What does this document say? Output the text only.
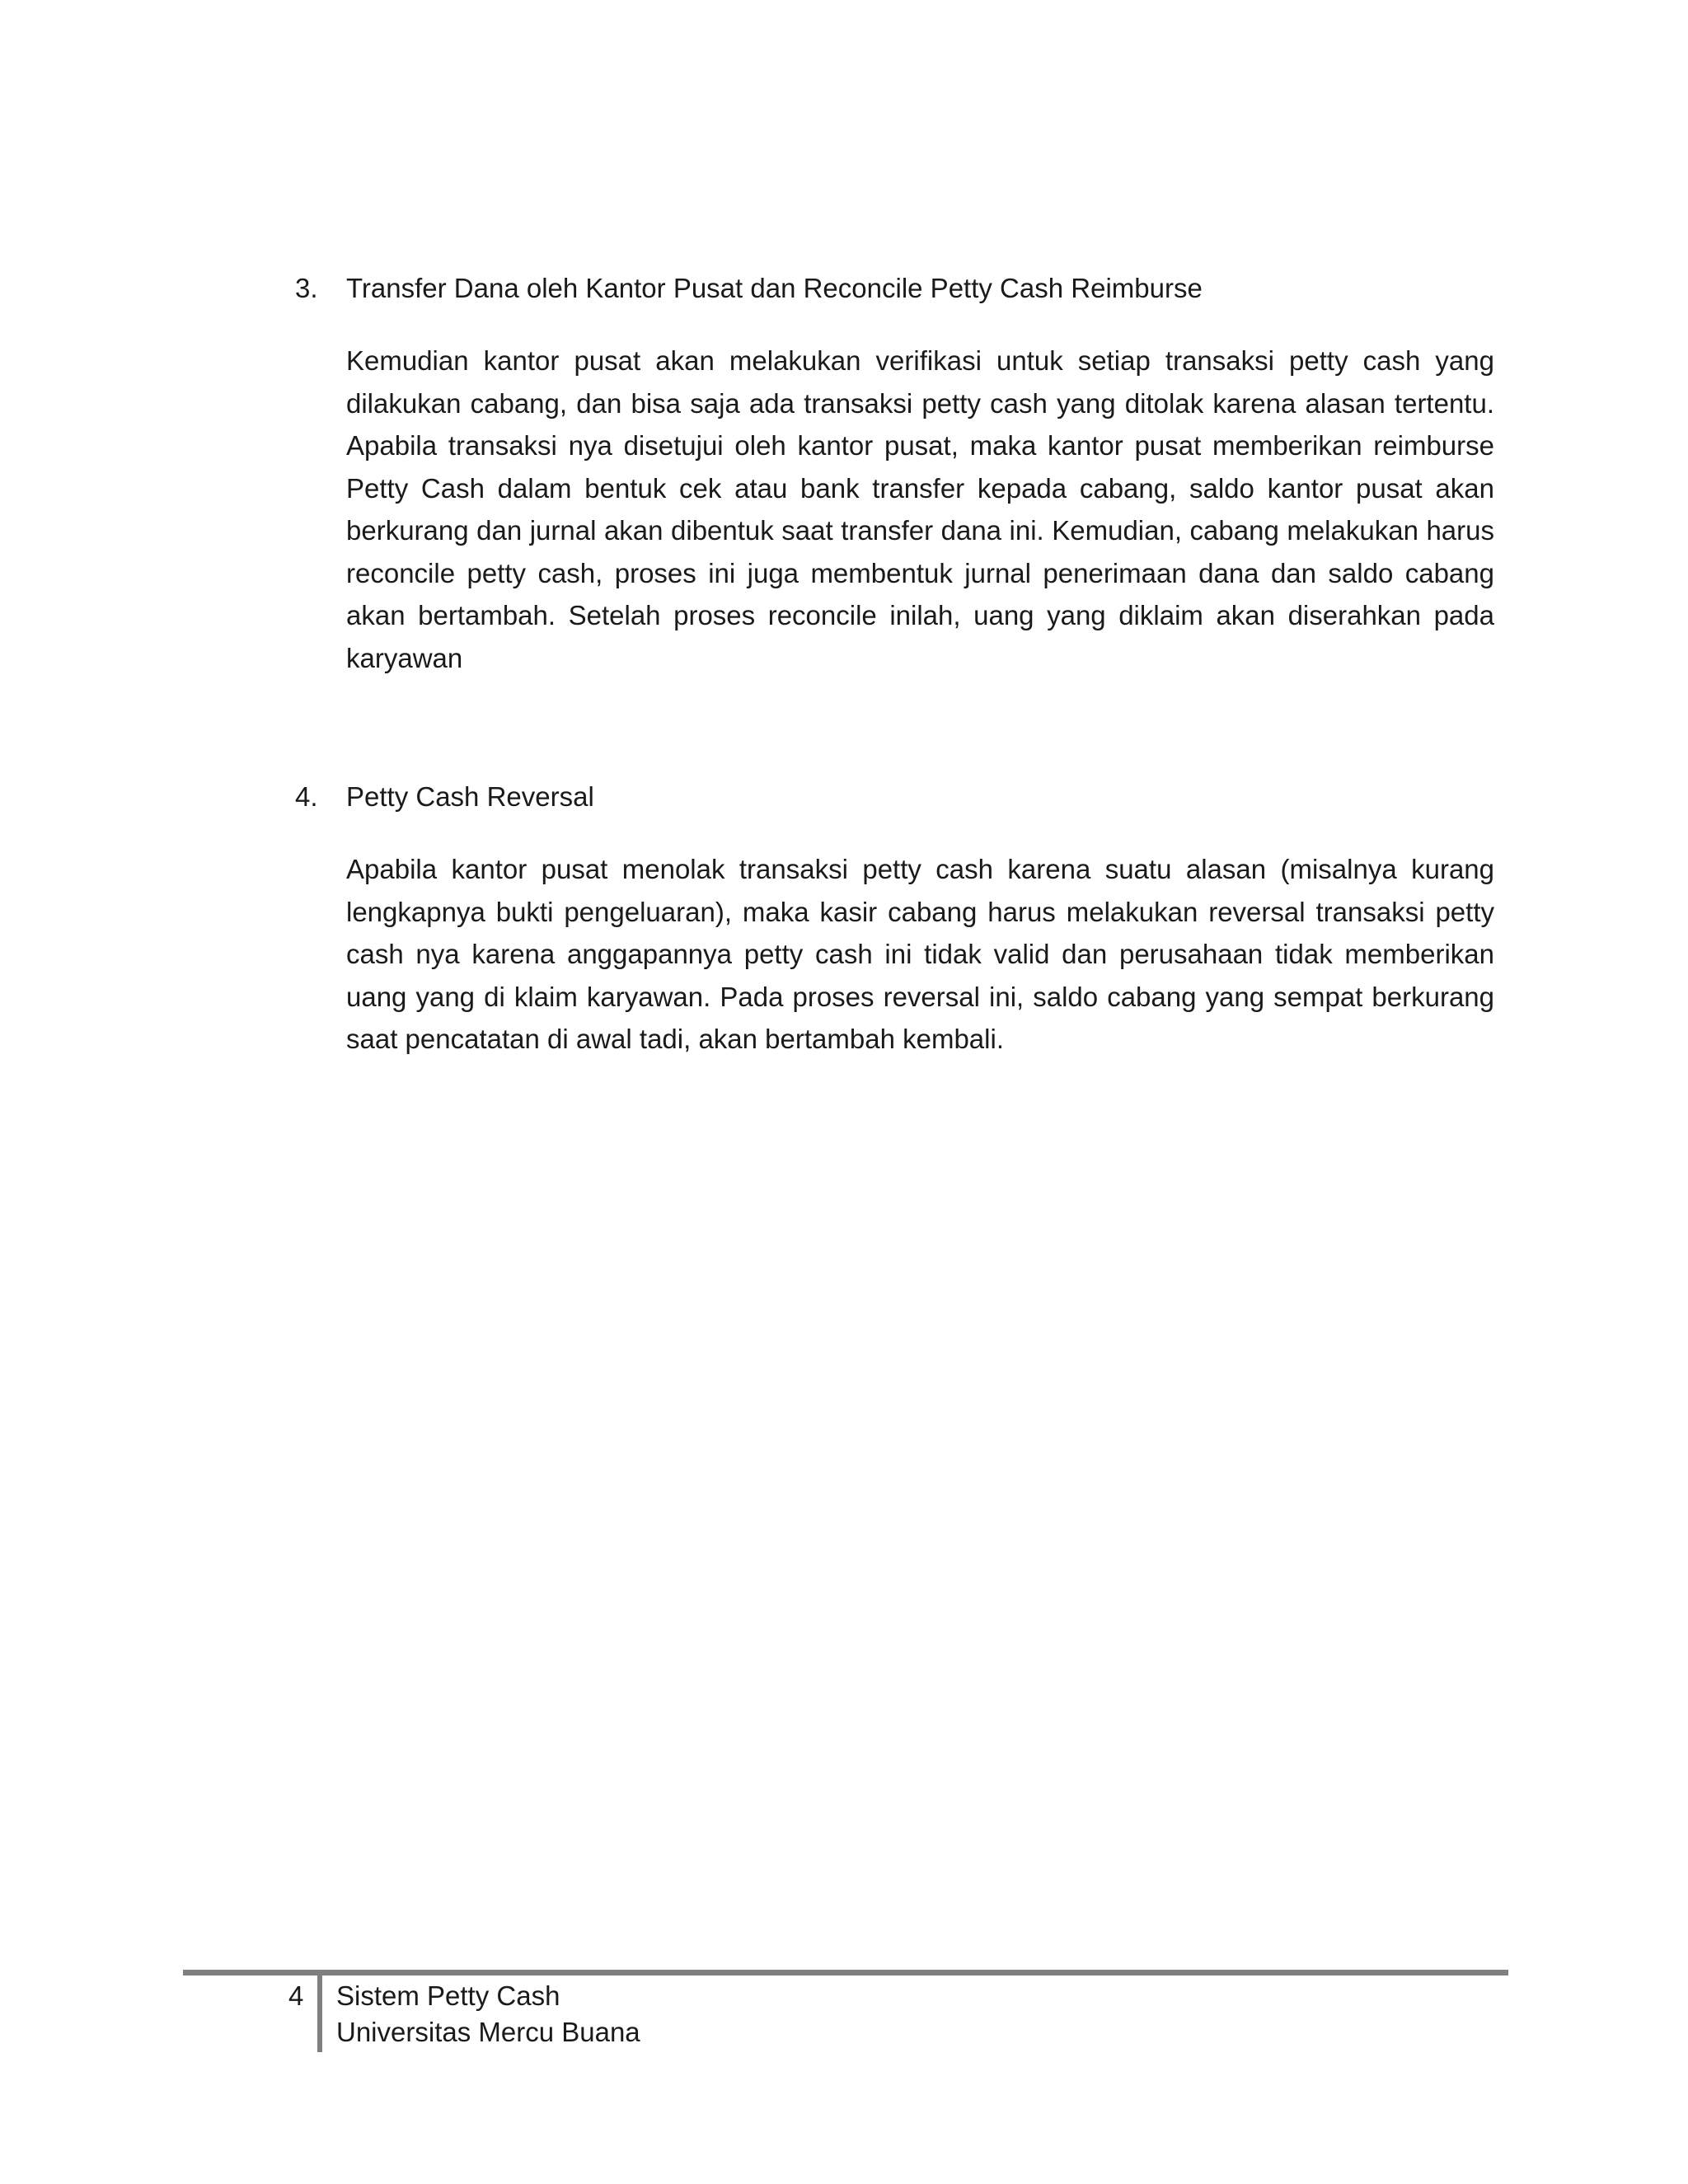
3. Transfer Dana oleh Kantor Pusat dan Reconcile Petty Cash Reimburse

Kemudian kantor pusat akan melakukan verifikasi untuk setiap transaksi petty cash yang dilakukan cabang, dan bisa saja ada transaksi petty cash yang ditolak karena alasan tertentu. Apabila transaksi nya disetujui oleh kantor pusat, maka kantor pusat memberikan reimburse Petty Cash dalam bentuk cek atau bank transfer kepada cabang, saldo kantor pusat akan berkurang dan jurnal akan dibentuk saat transfer dana ini. Kemudian, cabang melakukan harus reconcile petty cash, proses ini juga membentuk jurnal penerimaan dana dan saldo cabang akan bertambah. Setelah proses reconcile inilah, uang yang diklaim akan diserahkan pada karyawan

4. Petty Cash Reversal

Apabila kantor pusat menolak transaksi petty cash karena suatu alasan (misalnya kurang lengkapnya bukti pengeluaran), maka kasir cabang harus melakukan reversal transaksi petty cash nya karena anggapannya petty cash ini tidak valid dan perusahaan tidak memberikan uang yang di klaim karyawan. Pada proses reversal ini, saldo cabang yang sempat berkurang saat pencatatan di awal tadi, akan bertambah kembali.

4 Sistem Petty Cash
Universitas Mercu Buana
